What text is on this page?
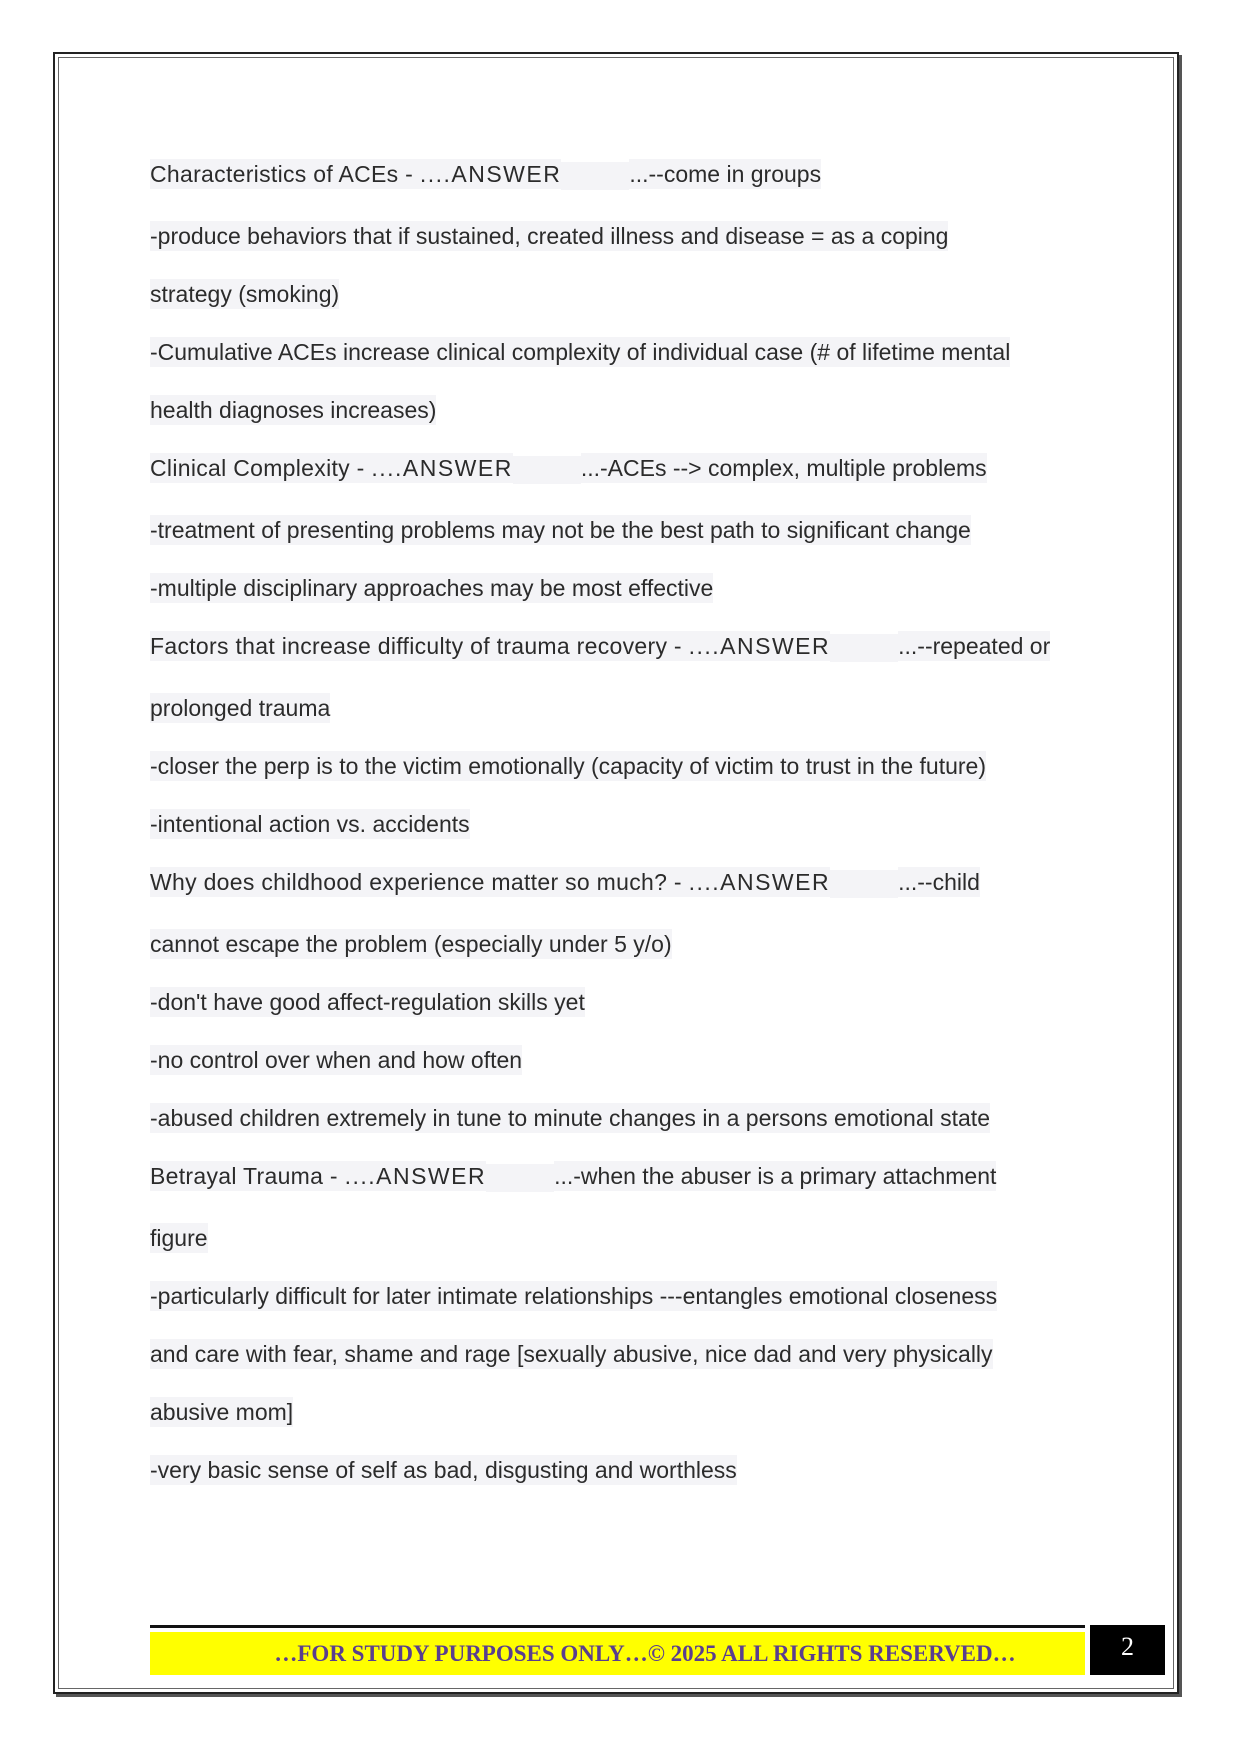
Characteristics of ACEs - ....ANSWER	...--come in groups
-produce behaviors that if sustained, created illness and disease = as a coping
strategy (smoking)
-Cumulative ACEs increase clinical complexity of individual case (# of lifetime mental
health diagnoses increases)
Clinical Complexity - ....ANSWER	...-ACEs --> complex, multiple problems
-treatment of presenting problems may not be the best path to significant change
-multiple disciplinary approaches may be most effective
Factors that increase difficulty of trauma recovery - ....ANSWER	...--repeated or
prolonged trauma
-closer the perp is to the victim emotionally (capacity of victim to trust in the future)
-intentional action vs. accidents
Why does childhood experience matter so much? - ....ANSWER	...--child
cannot escape the problem (especially under 5 y/o)
-don't have good affect-regulation skills yet
-no control over when and how often
-abused children extremely in tune to minute changes in a persons emotional state
Betrayal Trauma - ....ANSWER	...-when the abuser is a primary attachment
figure
-particularly difficult for later intimate relationships ---entangles emotional closeness
and care with fear, shame and rage [sexually abusive, nice dad and very physically
abusive mom]
-very basic sense of self as bad, disgusting and worthless
…FOR STUDY PURPOSES ONLY…© 2025 ALL RIGHTS RESERVED…	2
